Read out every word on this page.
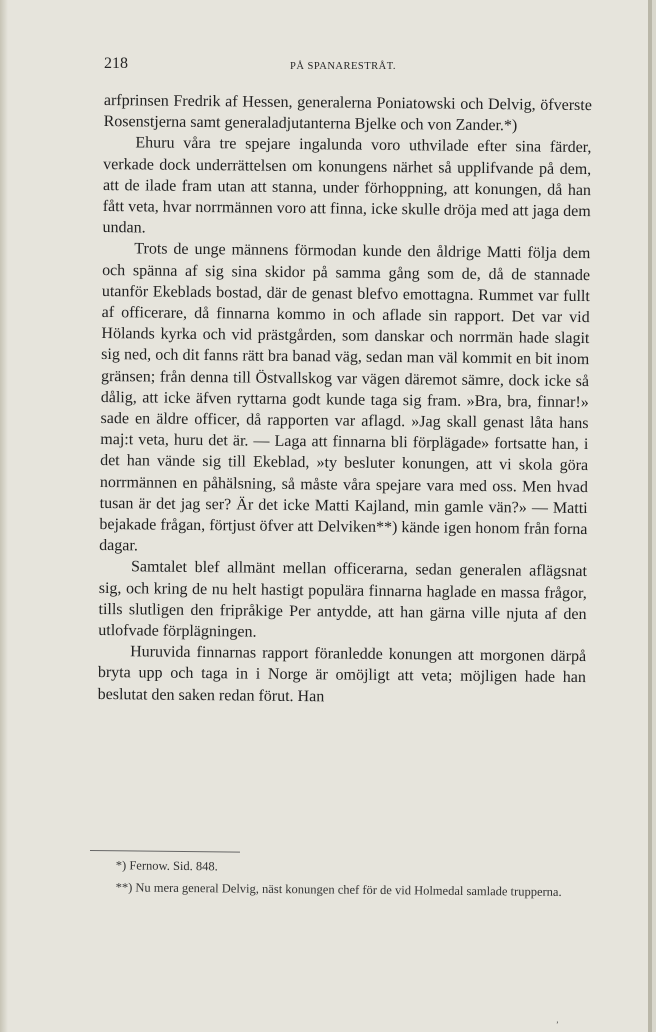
218	PÅ SPANARESTRÅT.

arfprinsen Fredrik af Hessen, generalerna Poniatowski och Delvig, öfverste Rosenstjerna samt generaladjutanterna Bjelke och von Zander.*)

Ehuru våra tre spejare ingalunda voro uthvilade efter sina färder, verkade dock underrättelsen om konungens närhet så upplifvande på dem, att de ilade fram utan att stanna, under förhoppning, att konungen, då han fått veta, hvar norrmännen voro att finna, icke skulle dröja med att jaga dem undan.

Trots de unge männens förmodan kunde den åldrige Matti följa dem och spänna af sig sina skidor på samma gång som de, då de stannade utanför Ekeblads bostad, där de genast blefvo emottagna. Rummet var fullt af officerare, då finnarna kommo in och aflade sin rapport. Det var vid Hölands kyrka och vid prästgården, som danskar och norrmän hade slagit sig ned, och dit fanns rätt bra banad väg, sedan man väl kommit en bit inom gränsen; från denna till Östvallskog var vägen däremot sämre, dock icke så dålig, att icke äfven ryttarna godt kunde taga sig fram. »Bra, bra, finnar!» sade en äldre officer, då rapporten var aflagd. »Jag skall genast låta hans maj:t veta, huru det är. — Laga att finnarna bli förplägade» fortsatte han, i det han vände sig till Ekeblad, »ty besluter konungen, att vi skola göra norrmännen en påhälsning, så måste våra spejare vara med oss. Men hvad tusan är det jag ser? Är det icke Matti Kajland, min gamle vän?» — Matti bejakade frågan, förtjust öfver att Delviken**) kände igen honom från forna dagar.

Samtalet blef allmänt mellan officerarna, sedan generalen aflägsnat sig, och kring de nu helt hastigt populära finnarna haglade en massa frågor, tills slutligen den fripråkige Per antydde, att han gärna ville njuta af den utlofvade förplägningen.

Huruvida finnarnas rapport föranledde konungen att morgonen därpå bryta upp och taga in i Norge är omöjligt att veta; möjligen hade han beslutat den saken redan förut. Han

*) Fernow. Sid. 848.

**) Nu mera general Delvig, näst konungen chef för de vid Holmedal samlade trupperna.

ʼ
